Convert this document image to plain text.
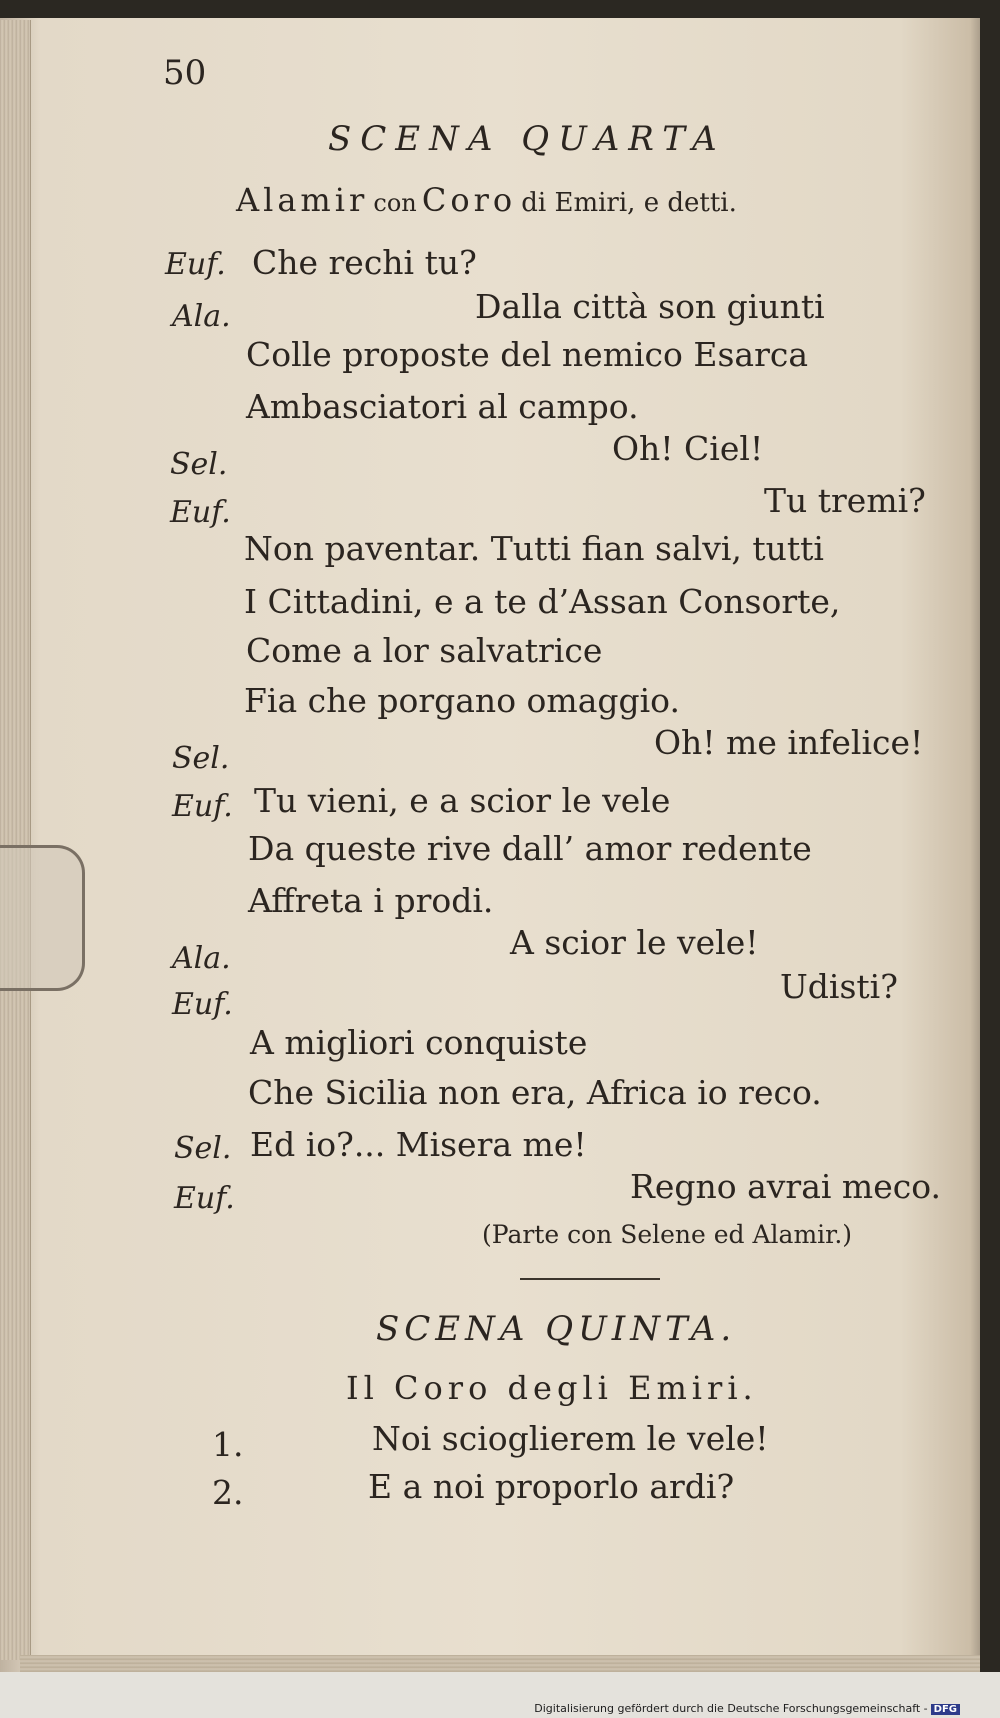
50
SCENA QUARTA
Alamir con Coro di Emiri, e detti.
Euf. Che rechi tu?
Ala.	Dalla città son giunti
Colle proposte del nemico Esarca
Ambasciatori al campo.
Sel.	Oh! Ciel!
Euf.	Tu tremi?
Non paventar. Tutti fian salvi, tutti
I Cittadini, e a te d’Assan Consorte,
Come a lor salvatrice
Fia che porgano omaggio.
Sel.	Oh! me infelice!
Euf. Tu vieni, e a scior le vele
Da queste rive dall’ amor redente
Affreta i prodi.
Ala.	A scior le vele!
Euf.	Udisti?
A migliori conquiste
Che Sicilia non era, Africa io reco.
Sel. Ed io?... Misera me!
Euf.	Regno avrai meco.
(Parte con Selene ed Alamir.)
SCENA QUINTA.
Il Coro degli Emiri.
1.	Noi scioglierem le vele!
2.	E a noi proporlo ardi?
Digitalisierung gefördert durch die Deutsche Forschungsgemeinschaft - DFG
